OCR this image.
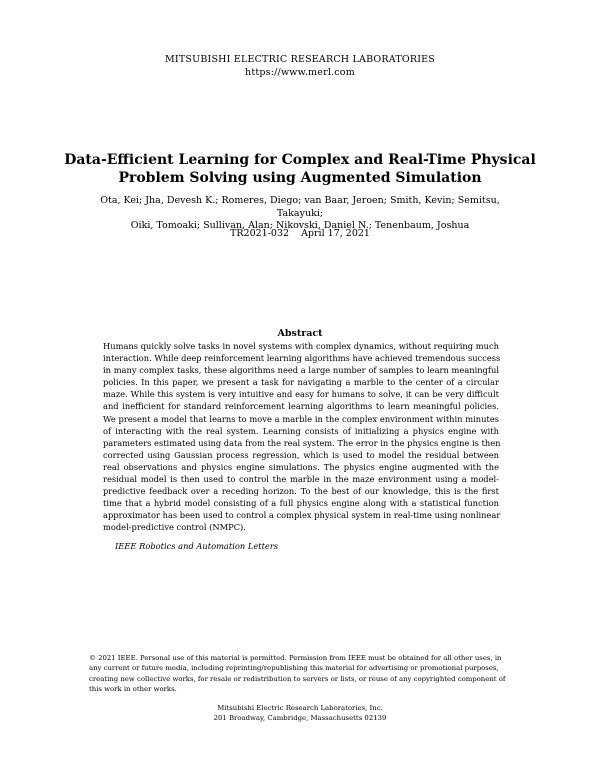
MITSUBISHI ELECTRIC RESEARCH LABORATORIES
https://www.merl.com
Data-Efficient Learning for Complex and Real-Time Physical
Problem Solving using Augmented Simulation
Ota, Kei; Jha, Devesh K.; Romeres, Diego; van Baar, Jeroen; Smith, Kevin; Semitsu, Takayuki;
Oiki, Tomoaki; Sullivan, Alan; Nikovski, Daniel N.; Tenenbaum, Joshua
TR2021-032 April 17, 2021
Abstract

Humans quickly solve tasks in novel systems with complex dynamics, without requiring much
interaction. While deep reinforcement learning algorithms have achieved tremendous success
in many complex tasks, these algorithms need a large number of samples to learn meaningful
policies. In this paper, we present a task for navigating a marble to the center of a circular
maze. While this system is very intuitive and easy for humans to solve, it can be very difficult
and inefficient for standard reinforcement learning algorithms to learn meaningful policies.
We present a model that learns to move a marble in the complex environment within minutes
of interacting with the real system. Learning consists of initializing a physics engine with
parameters estimated using data from the real system. The error in the physics engine is then
corrected using Gaussian process regression, which is used to model the residual between
real observations and physics engine simulations. The physics engine augmented with the
residual model is then used to control the marble in the maze environment using a model-
predictive feedback over a receding horizon. To the best of our knowledge, this is the first
time that a hybrid model consisting of a full physics engine along with a statistical function
approximator has been used to control a complex physical system in real-time using nonlinear
model-predictive control (NMPC).

IEEE Robotics and Automation Letters
© 2021 IEEE. Personal use of this material is permitted. Permission from IEEE must be obtained for all other uses, in
any current or future media, including reprinting/republishing this material for advertising or promotional purposes,
creating new collective works, for resale or redistribution to servers or lists, or reuse of any copyrighted component of
this work in other works.
Mitsubishi Electric Research Laboratories, Inc.
201 Broadway, Cambridge, Massachusetts 02139
